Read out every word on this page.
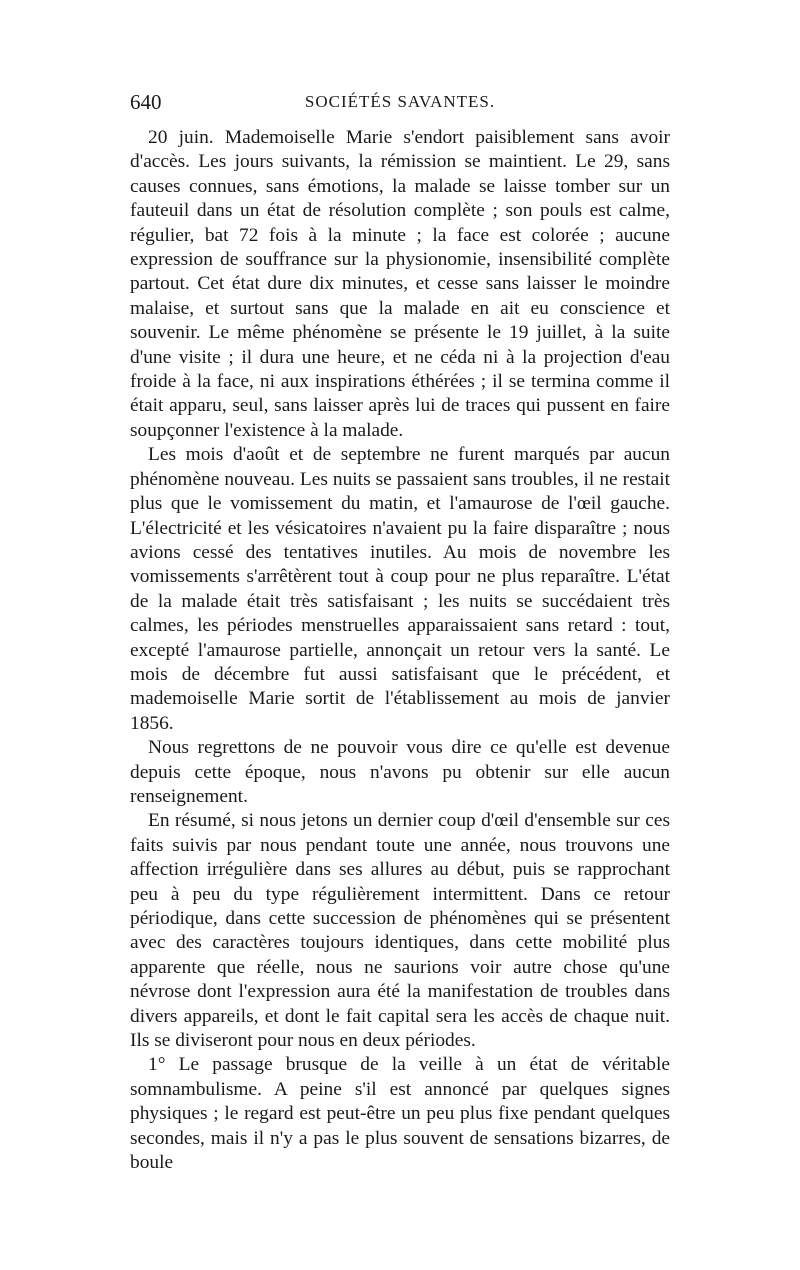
640	SOCIÉTÉS SAVANTES.

20 juin. Mademoiselle Marie s'endort paisiblement sans avoir d'accès. Les jours suivants, la rémission se maintient. Le 29, sans causes connues, sans émotions, la malade se laisse tomber sur un fauteuil dans un état de résolution complète ; son pouls est calme, régulier, bat 72 fois à la minute ; la face est colorée ; aucune expression de souffrance sur la physionomie, insensibilité complète partout. Cet état dure dix minutes, et cesse sans laisser le moindre malaise, et surtout sans que la malade en ait eu conscience et souvenir. Le même phénomène se présente le 19 juillet, à la suite d'une visite ; il dura une heure, et ne céda ni à la projection d'eau froide à la face, ni aux inspirations éthérées ; il se termina comme il était apparu, seul, sans laisser après lui de traces qui pussent en faire soupçonner l'existence à la malade.

Les mois d'août et de septembre ne furent marqués par aucun phénomène nouveau. Les nuits se passaient sans troubles, il ne restait plus que le vomissement du matin, et l'amaurose de l'œil gauche. L'électricité et les vésicatoires n'avaient pu la faire disparaître ; nous avions cessé des tentatives inutiles. Au mois de novembre les vomissements s'arrêtèrent tout à coup pour ne plus reparaître. L'état de la malade était très satisfaisant ; les nuits se succédaient très calmes, les périodes menstruelles apparaissaient sans retard : tout, excepté l'amaurose partielle, annonçait un retour vers la santé. Le mois de décembre fut aussi satisfaisant que le précédent, et mademoiselle Marie sortit de l'établissement au mois de janvier 1856.

Nous regrettons de ne pouvoir vous dire ce qu'elle est devenue depuis cette époque, nous n'avons pu obtenir sur elle aucun renseignement.

En résumé, si nous jetons un dernier coup d'œil d'ensemble sur ces faits suivis par nous pendant toute une année, nous trouvons une affection irrégulière dans ses allures au début, puis se rapprochant peu à peu du type régulièrement intermittent. Dans ce retour périodique, dans cette succession de phénomènes qui se présentent avec des caractères toujours identiques, dans cette mobilité plus apparente que réelle, nous ne saurions voir autre chose qu'une névrose dont l'expression aura été la manifestation de troubles dans divers appareils, et dont le fait capital sera les accès de chaque nuit. Ils se diviseront pour nous en deux périodes.

1° Le passage brusque de la veille à un état de véritable somnambulisme. A peine s'il est annoncé par quelques signes physiques ; le regard est peut-être un peu plus fixe pendant quelques secondes, mais il n'y a pas le plus souvent de sensations bizarres, de boule
